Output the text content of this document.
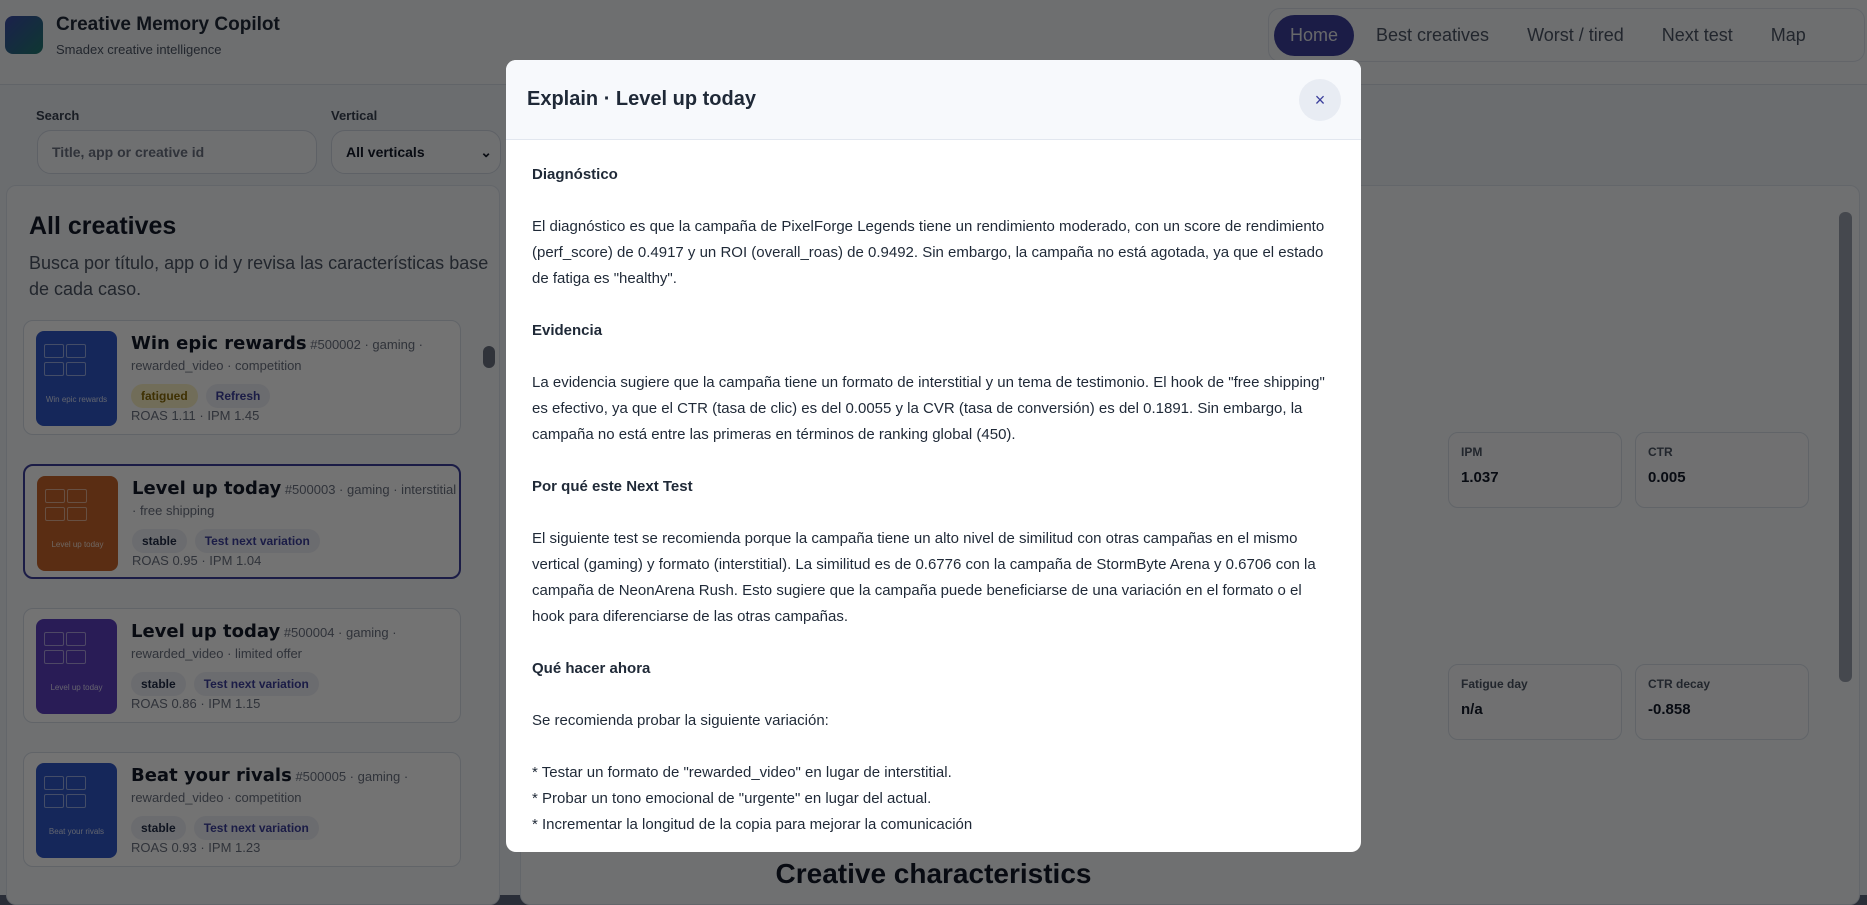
Creative Memory Copilot
Smadex creative intelligence
Home	Best creatives	Worst / tired	Next test	Map
Search
Title, app or creative id
Vertical
All verticals	⌄
All creatives
Busca por título, app o id y revisa las características base de cada caso.
Win epic rewards
Win epic rewards #500002 · gaming · rewarded_video · competition
fatigued	Refresh
ROAS 1.11 · IPM 1.45
Level up today
Level up today #500003 · gaming · interstitial · free shipping
stable	Test next variation
ROAS 0.95 · IPM 1.04
Level up today
Level up today #500004 · gaming · rewarded_video · limited offer
stable	Test next variation
ROAS 0.86 · IPM 1.15
Beat your rivals
Beat your rivals #500005 · gaming · rewarded_video · competition
stable	Test next variation
ROAS 0.93 · IPM 1.23
IPM
1.037
CTR
0.005
Fatigue day
n/a
CTR decay
-0.858
Creative characteristics
Explain · Level up today	×
Diagnóstico

El diagnóstico es que la campaña de PixelForge Legends tiene un rendimiento moderado, con un score de rendimiento (perf_score) de 0.4917 y un ROI (overall_roas) de 0.9492. Sin embargo, la campaña no está agotada, ya que el estado de fatiga es "healthy".

Evidencia

La evidencia sugiere que la campaña tiene un formato de interstitial y un tema de testimonio. El hook de "free shipping" es efectivo, ya que el CTR (tasa de clic) es del 0.0055 y la CVR (tasa de conversión) es del 0.1891. Sin embargo, la campaña no está entre las primeras en términos de ranking global (450).

Por qué este Next Test

El siguiente test se recomienda porque la campaña tiene un alto nivel de similitud con otras campañas en el mismo vertical (gaming) y formato (interstitial). La similitud es de 0.6776 con la campaña de StormByte Arena y 0.6706 con la campaña de NeonArena Rush. Esto sugiere que la campaña puede beneficiarse de una variación en el formato o el hook para diferenciarse de las otras campañas.

Qué hacer ahora

Se recomienda probar la siguiente variación:

* Testar un formato de "rewarded_video" en lugar de interstitial.

* Probar un tono emocional de "urgente" en lugar del actual.

* Incrementar la longitud de la copia para mejorar la comunicación
